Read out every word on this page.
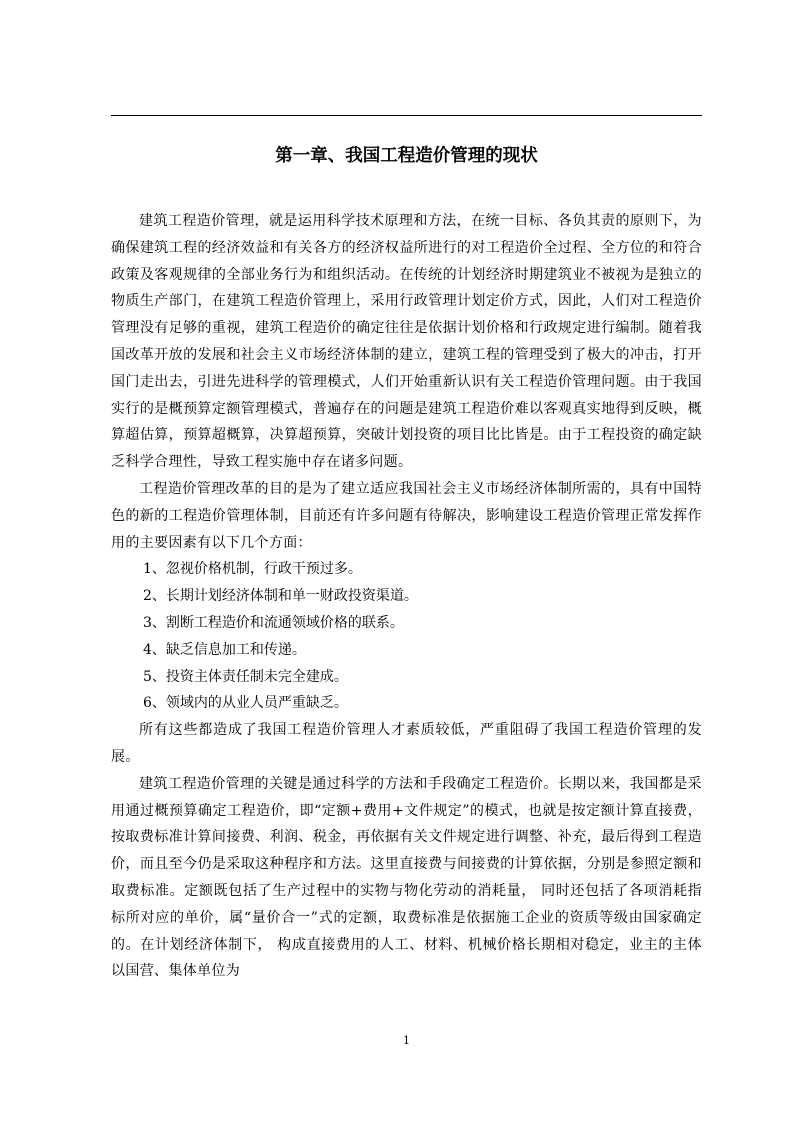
第一章、我国工程造价管理的现状

建筑工程造价管理，就是运用科学技术原理和方法，在统一目标、各负其责的原则下，为确保建筑工程的经济效益和有关各方的经济权益所进行的对工程造价全过程、全方位的和符合政策及客观规律的全部业务行为和组织活动。在传统的计划经济时期建筑业不被视为是独立的物质生产部门，在建筑工程造价管理上，采用行政管理计划定价方式，因此，人们对工程造价管理没有足够的重视，建筑工程造价的确定往往是依据计划价格和行政规定进行编制。随着我国改革开放的发展和社会主义市场经济体制的建立，建筑工程的管理受到了极大的冲击，打开国门走出去，引进先进科学的管理模式，人们开始重新认识有关工程造价管理问题。由于我国实行的是概预算定额管理模式，普遍存在的问题是建筑工程造价难以客观真实地得到反映，概算超估算，预算超概算，决算超预算，突破计划投资的项目比比皆是。由于工程投资的确定缺乏科学合理性，导致工程实施中存在诸多问题。

工程造价管理改革的目的是为了建立适应我国社会主义市场经济体制所需的，具有中国特色的新的工程造价管理体制，目前还有许多问题有待解决，影响建设工程造价管理正常发挥作用的主要因素有以下几个方面：

1、忽视价格机制，行政干预过多。

2、长期计划经济体制和单一财政投资渠道。

3、割断工程造价和流通领域价格的联系。

4、缺乏信息加工和传递。

5、投资主体责任制未完全建成。

6、领域内的从业人员严重缺乏。

所有这些都造成了我国工程造价管理人才素质较低，严重阻碍了我国工程造价管理的发展。

建筑工程造价管理的关键是通过科学的方法和手段确定工程造价。长期以来，我国都是采用通过概预算确定工程造价，即“定额+费用+文件规定”的模式，也就是按定额计算直接费，按取费标准计算间接费、利润、税金，再依据有关文件规定进行调整、补充，最后得到工程造价，而且至今仍是采取这种程序和方法。这里直接费与间接费的计算依据，分别是参照定额和取费标准。定额既包括了生产过程中的实物与物化劳动的消耗量， 同时还包括了各项消耗指标所对应的单价，属“量价合一”式的定额，取费标准是依据施工企业的资质等级由国家确定的。在计划经济体制下， 构成直接费用的人工、材料、机械价格长期相对稳定，业主的主体以国营、集体单位为

1
